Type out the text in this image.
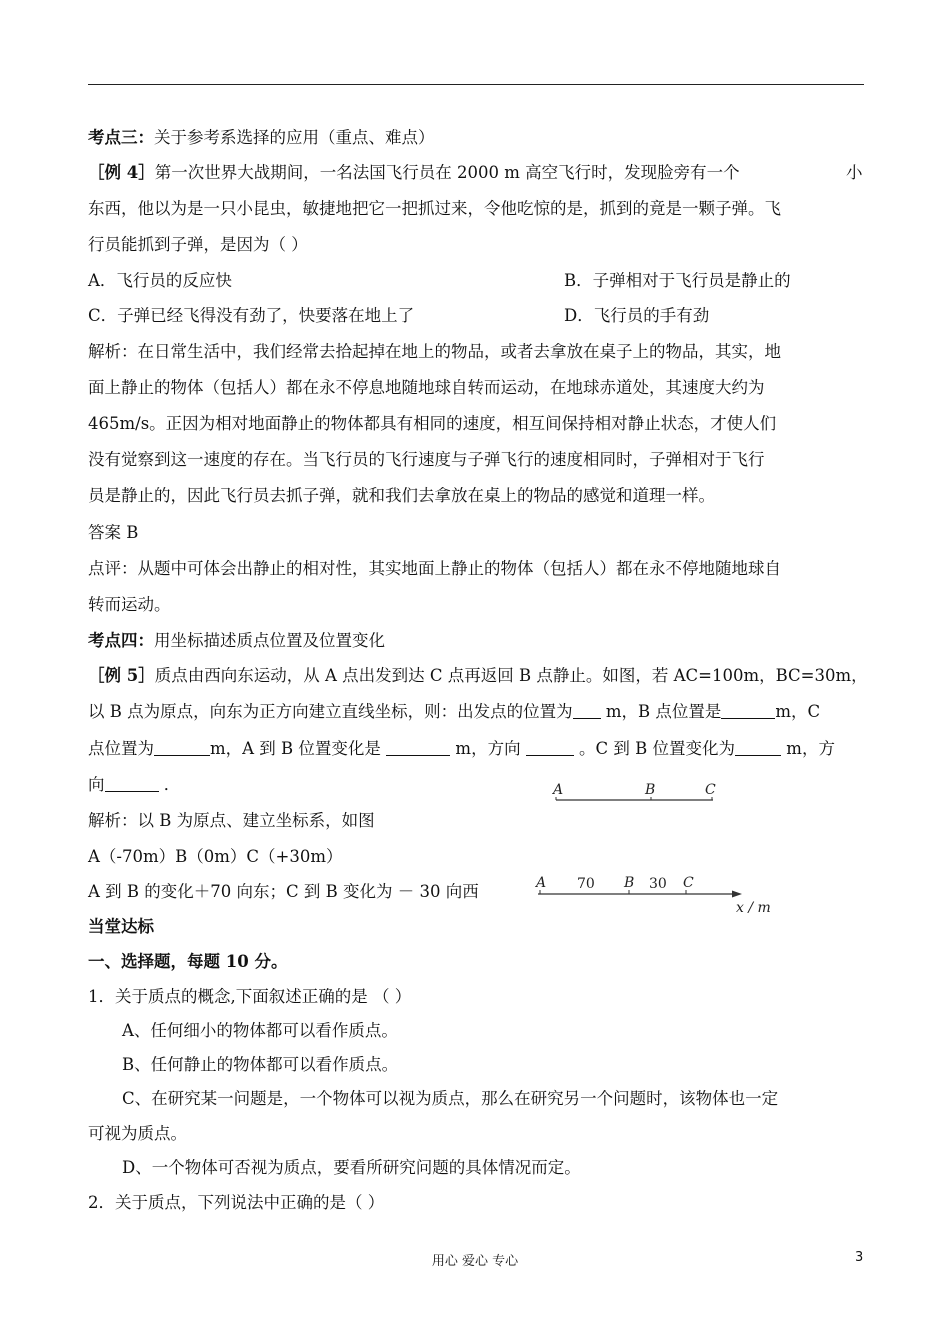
考点三：关于参考系选择的应用（重点、难点）
［例 4］第一次世界大战期间，一名法国飞行员在 2000 m 高空飞行时，发现脸旁有一个	小
东西，他以为是一只小昆虫，敏捷地把它一把抓过来，令他吃惊的是，抓到的竟是一颗子弹。飞
行员能抓到子弹，是因为（ ）
A．飞行员的反应快	B．子弹相对于飞行员是静止的
C．子弹已经飞得没有劲了，快要落在地上了	D．飞行员的手有劲
解析：在日常生活中，我们经常去拾起掉在地上的物品，或者去拿放在桌子上的物品，其实，地
面上静止的物体（包括人）都在永不停息地随地球自转而运动，在地球赤道处，其速度大约为
465m/s。正因为相对地面静止的物体都具有相同的速度，相互间保持相对静止状态，才使人们
没有觉察到这一速度的存在。当飞行员的飞行速度与子弹飞行的速度相同时，子弹相对于飞行
员是静止的，因此飞行员去抓子弹，就和我们去拿放在桌上的物品的感觉和道理一样。
答案 B
点评：从题中可体会出静止的相对性，其实地面上静止的物体（包括人）都在永不停地随地球自
转而运动。
考点四：用坐标描述质点位置及位置变化
［例 5］质点由西向东运动，从 A 点出发到达 C 点再返回 B 点静止。如图，若 AC=100m，BC=30m，
以 B 点为原点，向东为正方向建立直线坐标，则：出发点的位置为 m，B 点位置是	m，C
点位置为	m，A 到 B 位置变化是	m，方向	。C 到 B 位置变化为	m，方
向	．	A	B	C
解析：以 B 为原点、建立坐标系，如图
A（-70m）B（0m）C（+30m）
A 到 B 的变化＋70 向东；C 到 B 变化为 － 30 向西	A 70 B 30 C
x / m
当堂达标
一、选择题，每题 10 分。
1．关于质点的概念,下面叙述正确的是 （ ）
A、任何细小的物体都可以看作质点。
B、任何静止的物体都可以看作质点。
C、在研究某一问题是，一个物体可以视为质点，那么在研究另一个问题时，该物体也一定
可视为质点。
D、一个物体可否视为质点，要看所研究问题的具体情况而定。
2．关于质点，下列说法中正确的是（ ）
用心 爱心 专心	3
